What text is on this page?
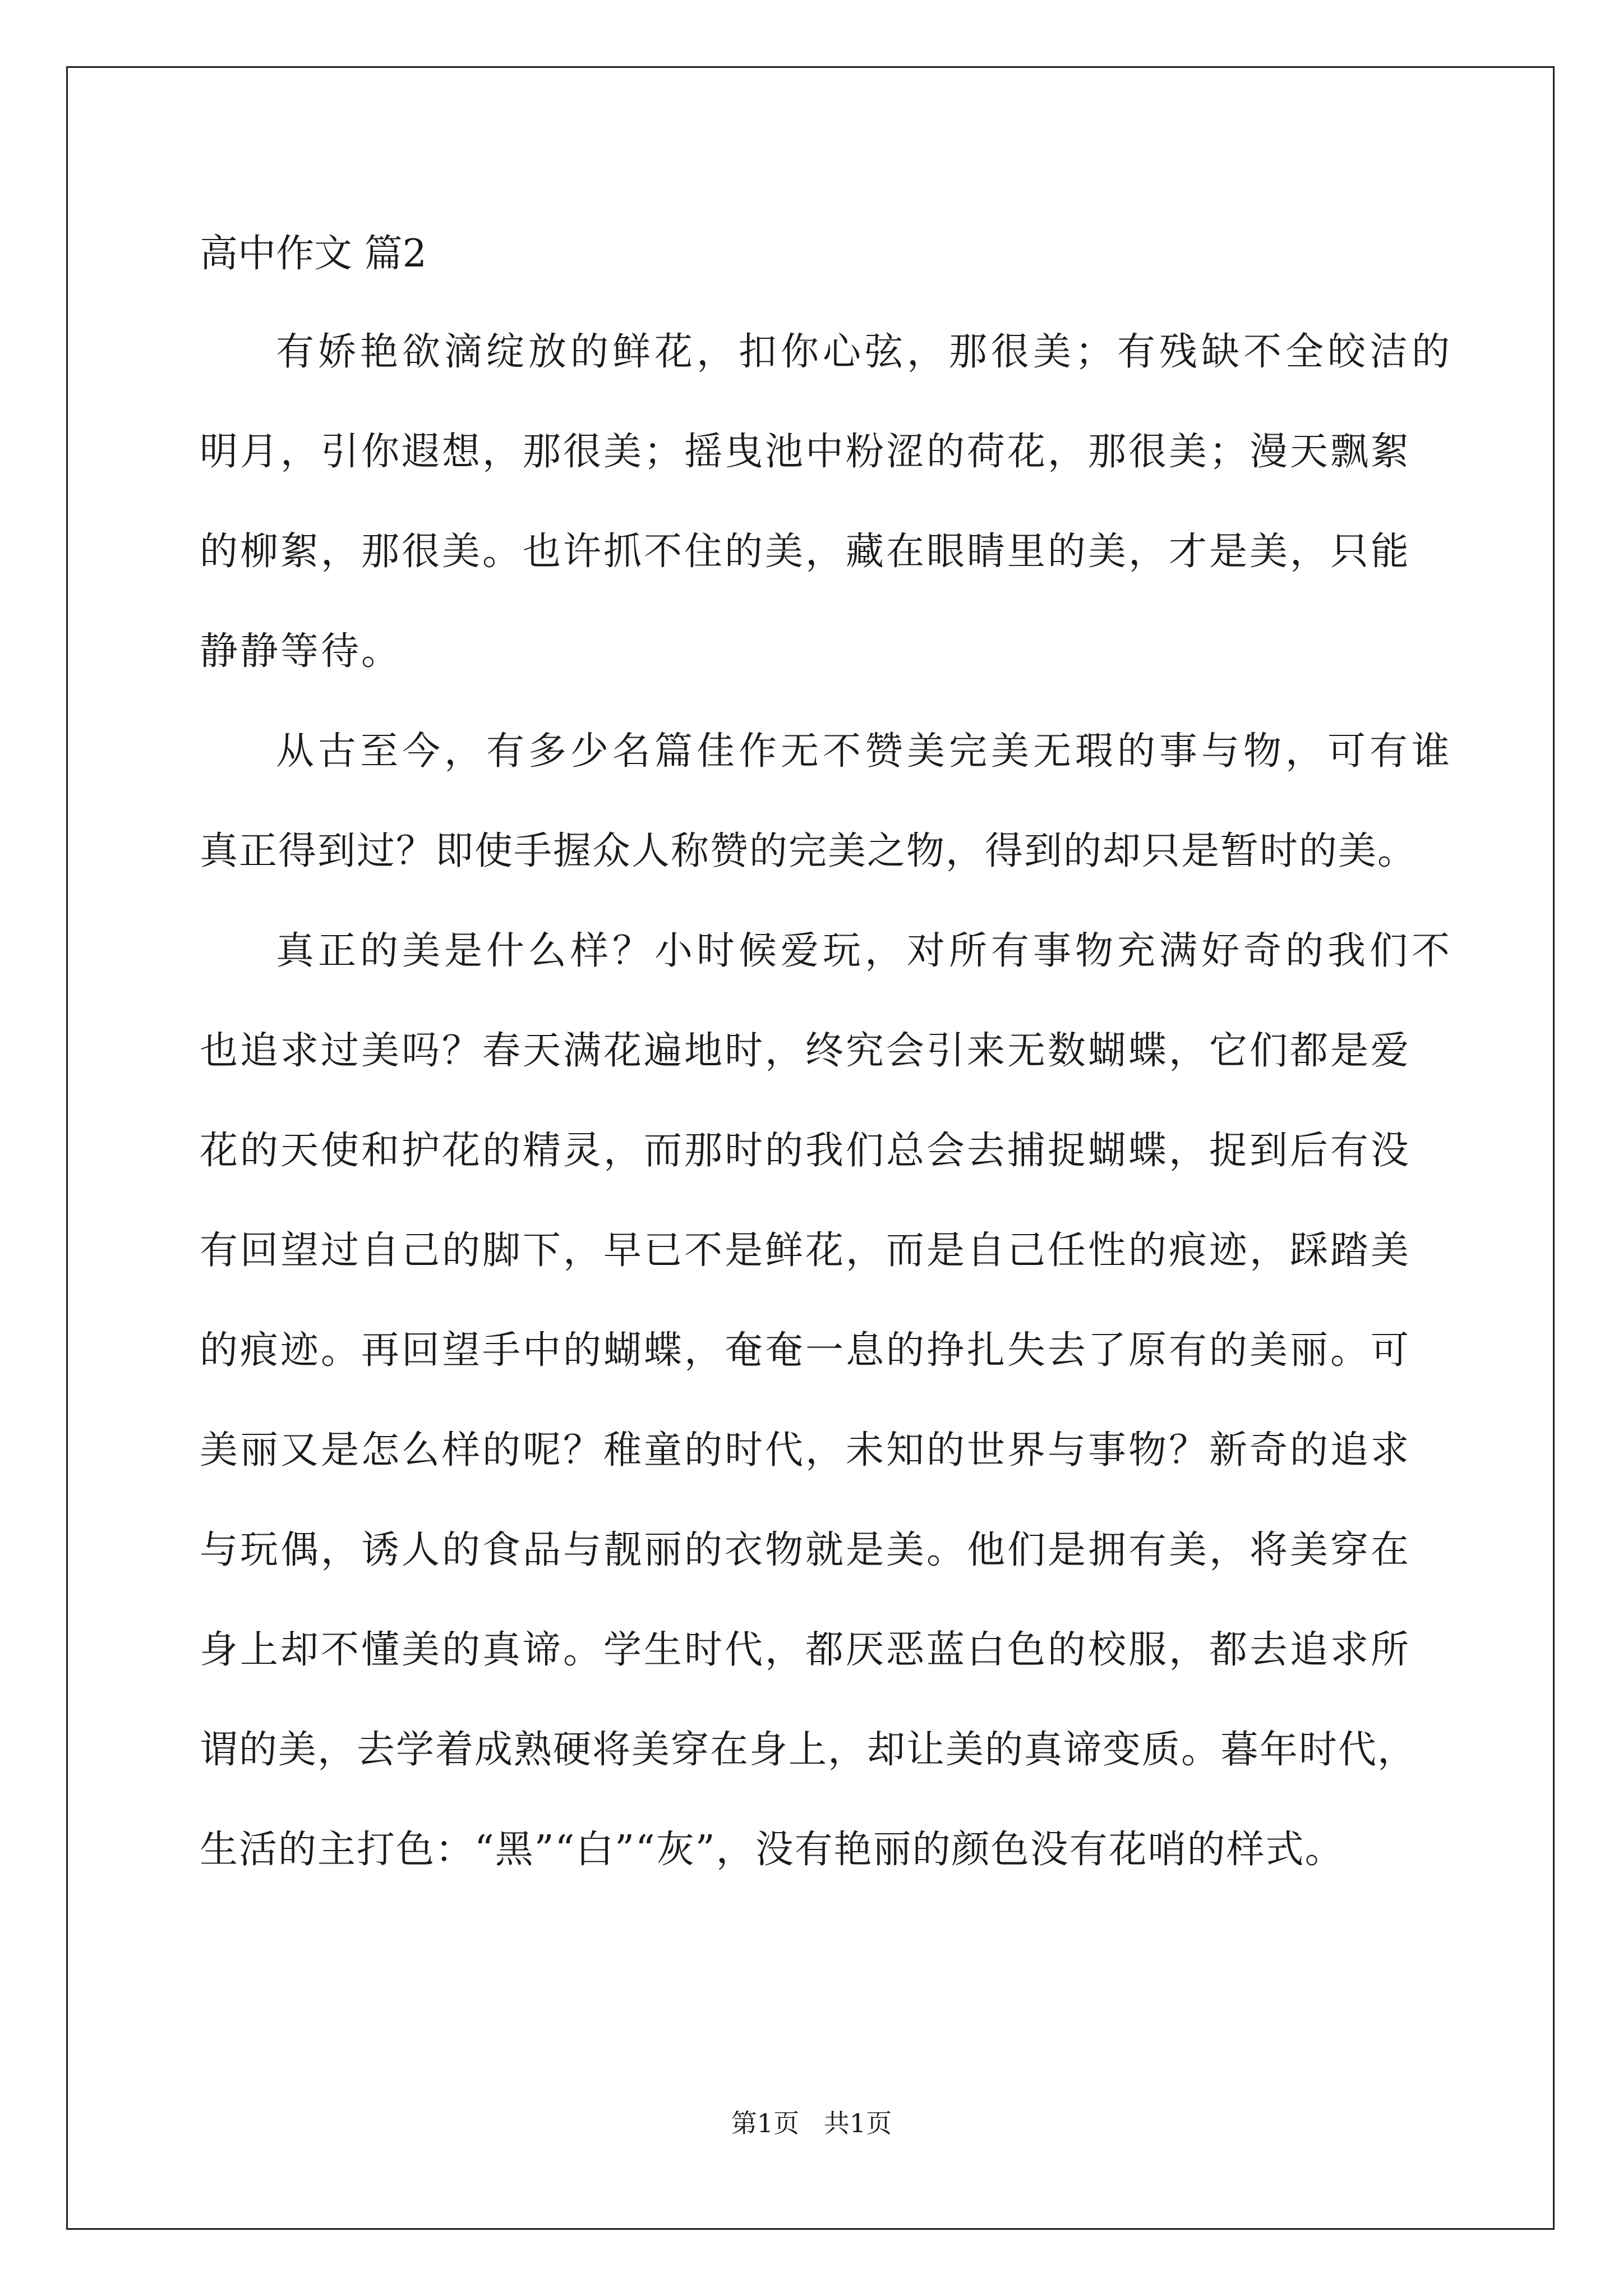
高中作文 篇2
有娇艳欲滴绽放的鲜花，扣你心弦，那很美；有残缺不全皎洁的
明月，引你遐想，那很美；摇曳池中粉涩的荷花，那很美；漫天飘絮
的柳絮，那很美。也许抓不住的美，藏在眼睛里的美，才是美，只能
静静等待。
从古至今，有多少名篇佳作无不赞美完美无瑕的事与物，可有谁
真正得到过？即使手握众人称赞的完美之物，得到的却只是暂时的美。
真正的美是什么样？小时候爱玩，对所有事物充满好奇的我们不
也追求过美吗？春天满花遍地时，终究会引来无数蝴蝶，它们都是爱
花的天使和护花的精灵，而那时的我们总会去捕捉蝴蝶，捉到后有没
有回望过自己的脚下，早已不是鲜花，而是自己任性的痕迹，踩踏美
的痕迹。再回望手中的蝴蝶，奄奄一息的挣扎失去了原有的美丽。可
美丽又是怎么样的呢？稚童的时代，未知的世界与事物？新奇的追求
与玩偶，诱人的食品与靓丽的衣物就是美。他们是拥有美，将美穿在
身上却不懂美的真谛。学生时代，都厌恶蓝白色的校服，都去追求所
谓的美，去学着成熟硬将美穿在身上，却让美的真谛变质。暮年时代，
生活的主打色：“黑”“白”“灰”，没有艳丽的颜色没有花哨的样式。
第1页   共1页
